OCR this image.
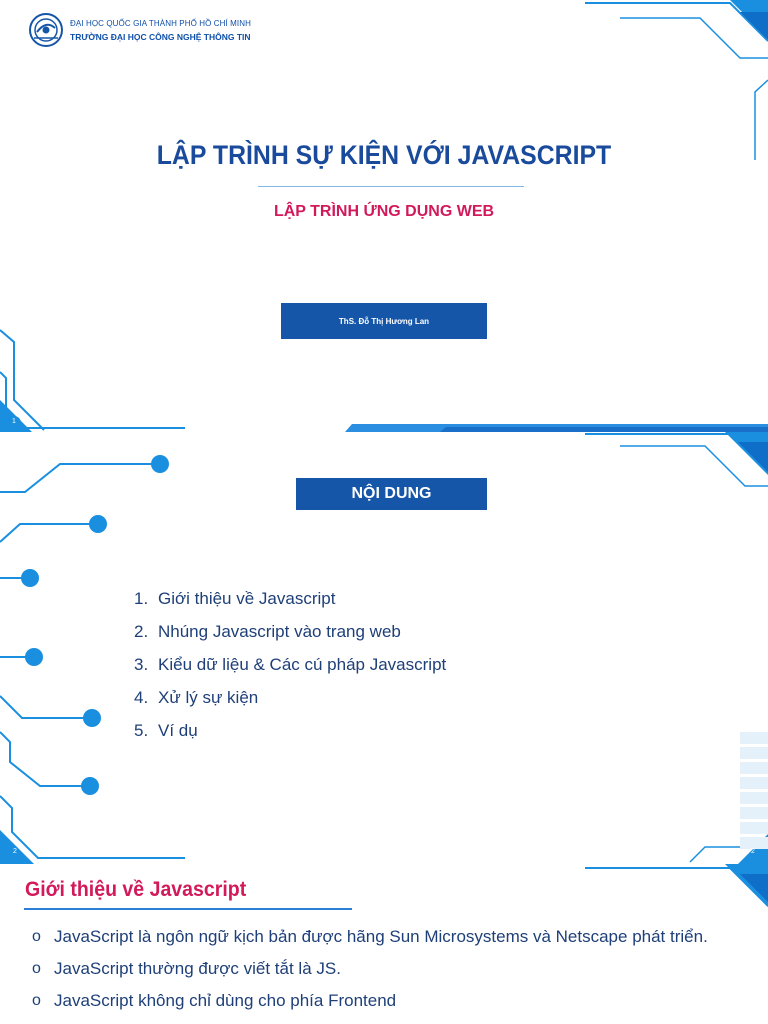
ĐẠI HỌC QUỐC GIA THÀNH PHỐ HỒ CHÍ MINH
TRƯỜNG ĐẠI HỌC CÔNG NGHỆ THÔNG TIN
LẬP TRÌNH SỰ KIỆN VỚI JAVASCRIPT
LẬP TRÌNH ỨNG DỤNG WEB
ThS. Đỗ Thị Hương Lan
1
NỘI DUNG
1. Giới thiệu về Javascript
2. Nhúng Javascript vào trang web
3. Kiểu dữ liệu & Các cú pháp Javascript
4. Xử lý sự kiện
5. Ví dụ
2	2
Giới thiệu về Javascript
o JavaScript là ngôn ngữ kịch bản được hãng Sun Microsystems và Netscape phát triển.
o JavaScript thường được viết tắt là JS.
o JavaScript không chỉ dùng cho phía Frontend
